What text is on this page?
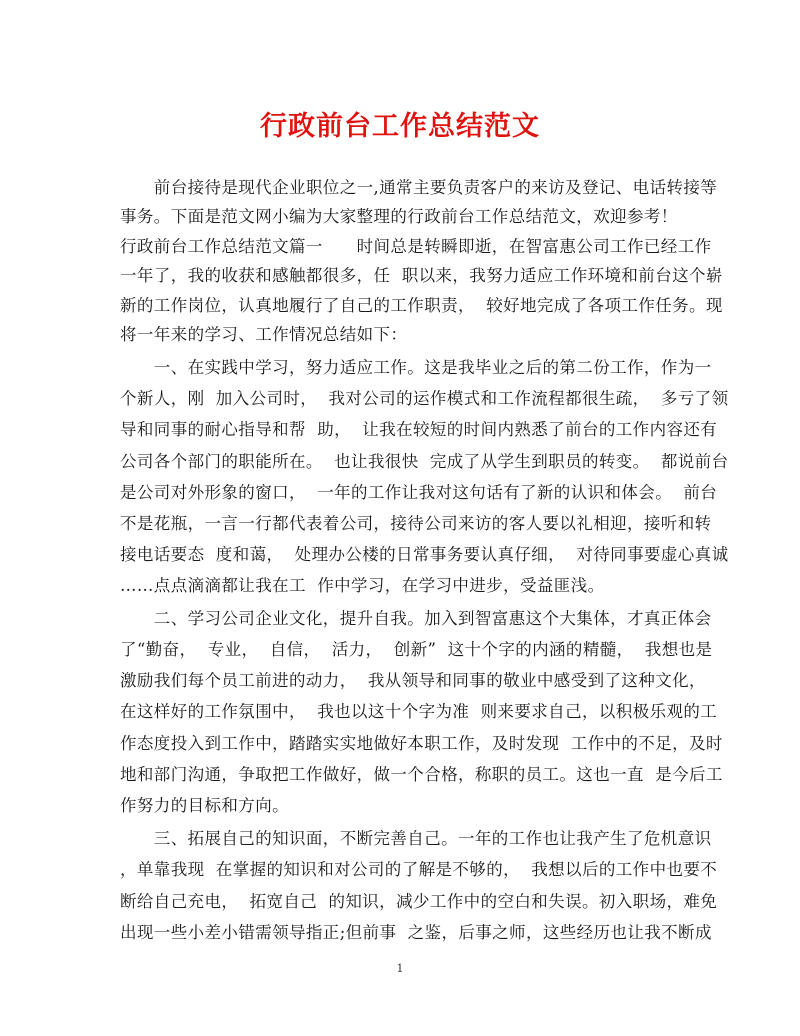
行政前台工作总结范文
　　前台接待是现代企业职位之一,通常主要负责客户的来访及登记、电话转接等
事务。下面是范文网小编为大家整理的行政前台工作总结范文，欢迎参考！
行政前台工作总结范文篇一　　时间总是转瞬即逝，在智富惠公司工作已经工作
一年了，我的收获和感触都很多，任  职以来，我努力适应工作环境和前台这个崭
新的工作岗位，认真地履行了自己的工作职责，  较好地完成了各项工作任务。现
将一年来的学习、工作情况总结如下：
　　一、在实践中学习，努力适应工作。这是我毕业之后的第二份工作，作为一
个新人，刚  加入公司时，  我对公司的运作模式和工作流程都很生疏，  多亏了领
导和同事的耐心指导和帮  助，  让我在较短的时间内熟悉了前台的工作内容还有
公司各个部门的职能所在。  也让我很快  完成了从学生到职员的转变。  都说前台
是公司对外形象的窗口，  一年的工作让我对这句话有了新的认识和体会。  前台
不是花瓶，一言一行都代表着公司，接待公司来访的客人要以礼相迎，接听和转
接电话要态  度和蔼，  处理办公楼的日常事务要认真仔细，  对待同事要虚心真诚
……点点滴滴都让我在工  作中学习，在学习中进步，受益匪浅。
　　二、学习公司企业文化，提升自我。加入到智富惠这个大集体，才真正体会
了“勤奋，  专业，  自信，  活力，  创新”  这十个字的内涵的精髓，  我想也是
激励我们每个员工前进的动力，  我从领导和同事的敬业中感受到了这种文化，
在这样好的工作氛围中，  我也以这十个字为准  则来要求自己，以积极乐观的工
作态度投入到工作中，踏踏实实地做好本职工作，及时发现  工作中的不足，及时
地和部门沟通，争取把工作做好，做一个合格，称职的员工。这也一直  是今后工
作努力的目标和方向。
　　三、拓展自己的知识面，不断完善自己。一年的工作也让我产生了危机意识
，单靠我现  在掌握的知识和对公司的了解是不够的，  我想以后的工作中也要不
断给自己充电，  拓宽自己  的知识，减少工作中的空白和失误。初入职场，难免
出现一些小差小错需领导指正;但前事  之鉴，后事之师，这些经历也让我不断成
1
